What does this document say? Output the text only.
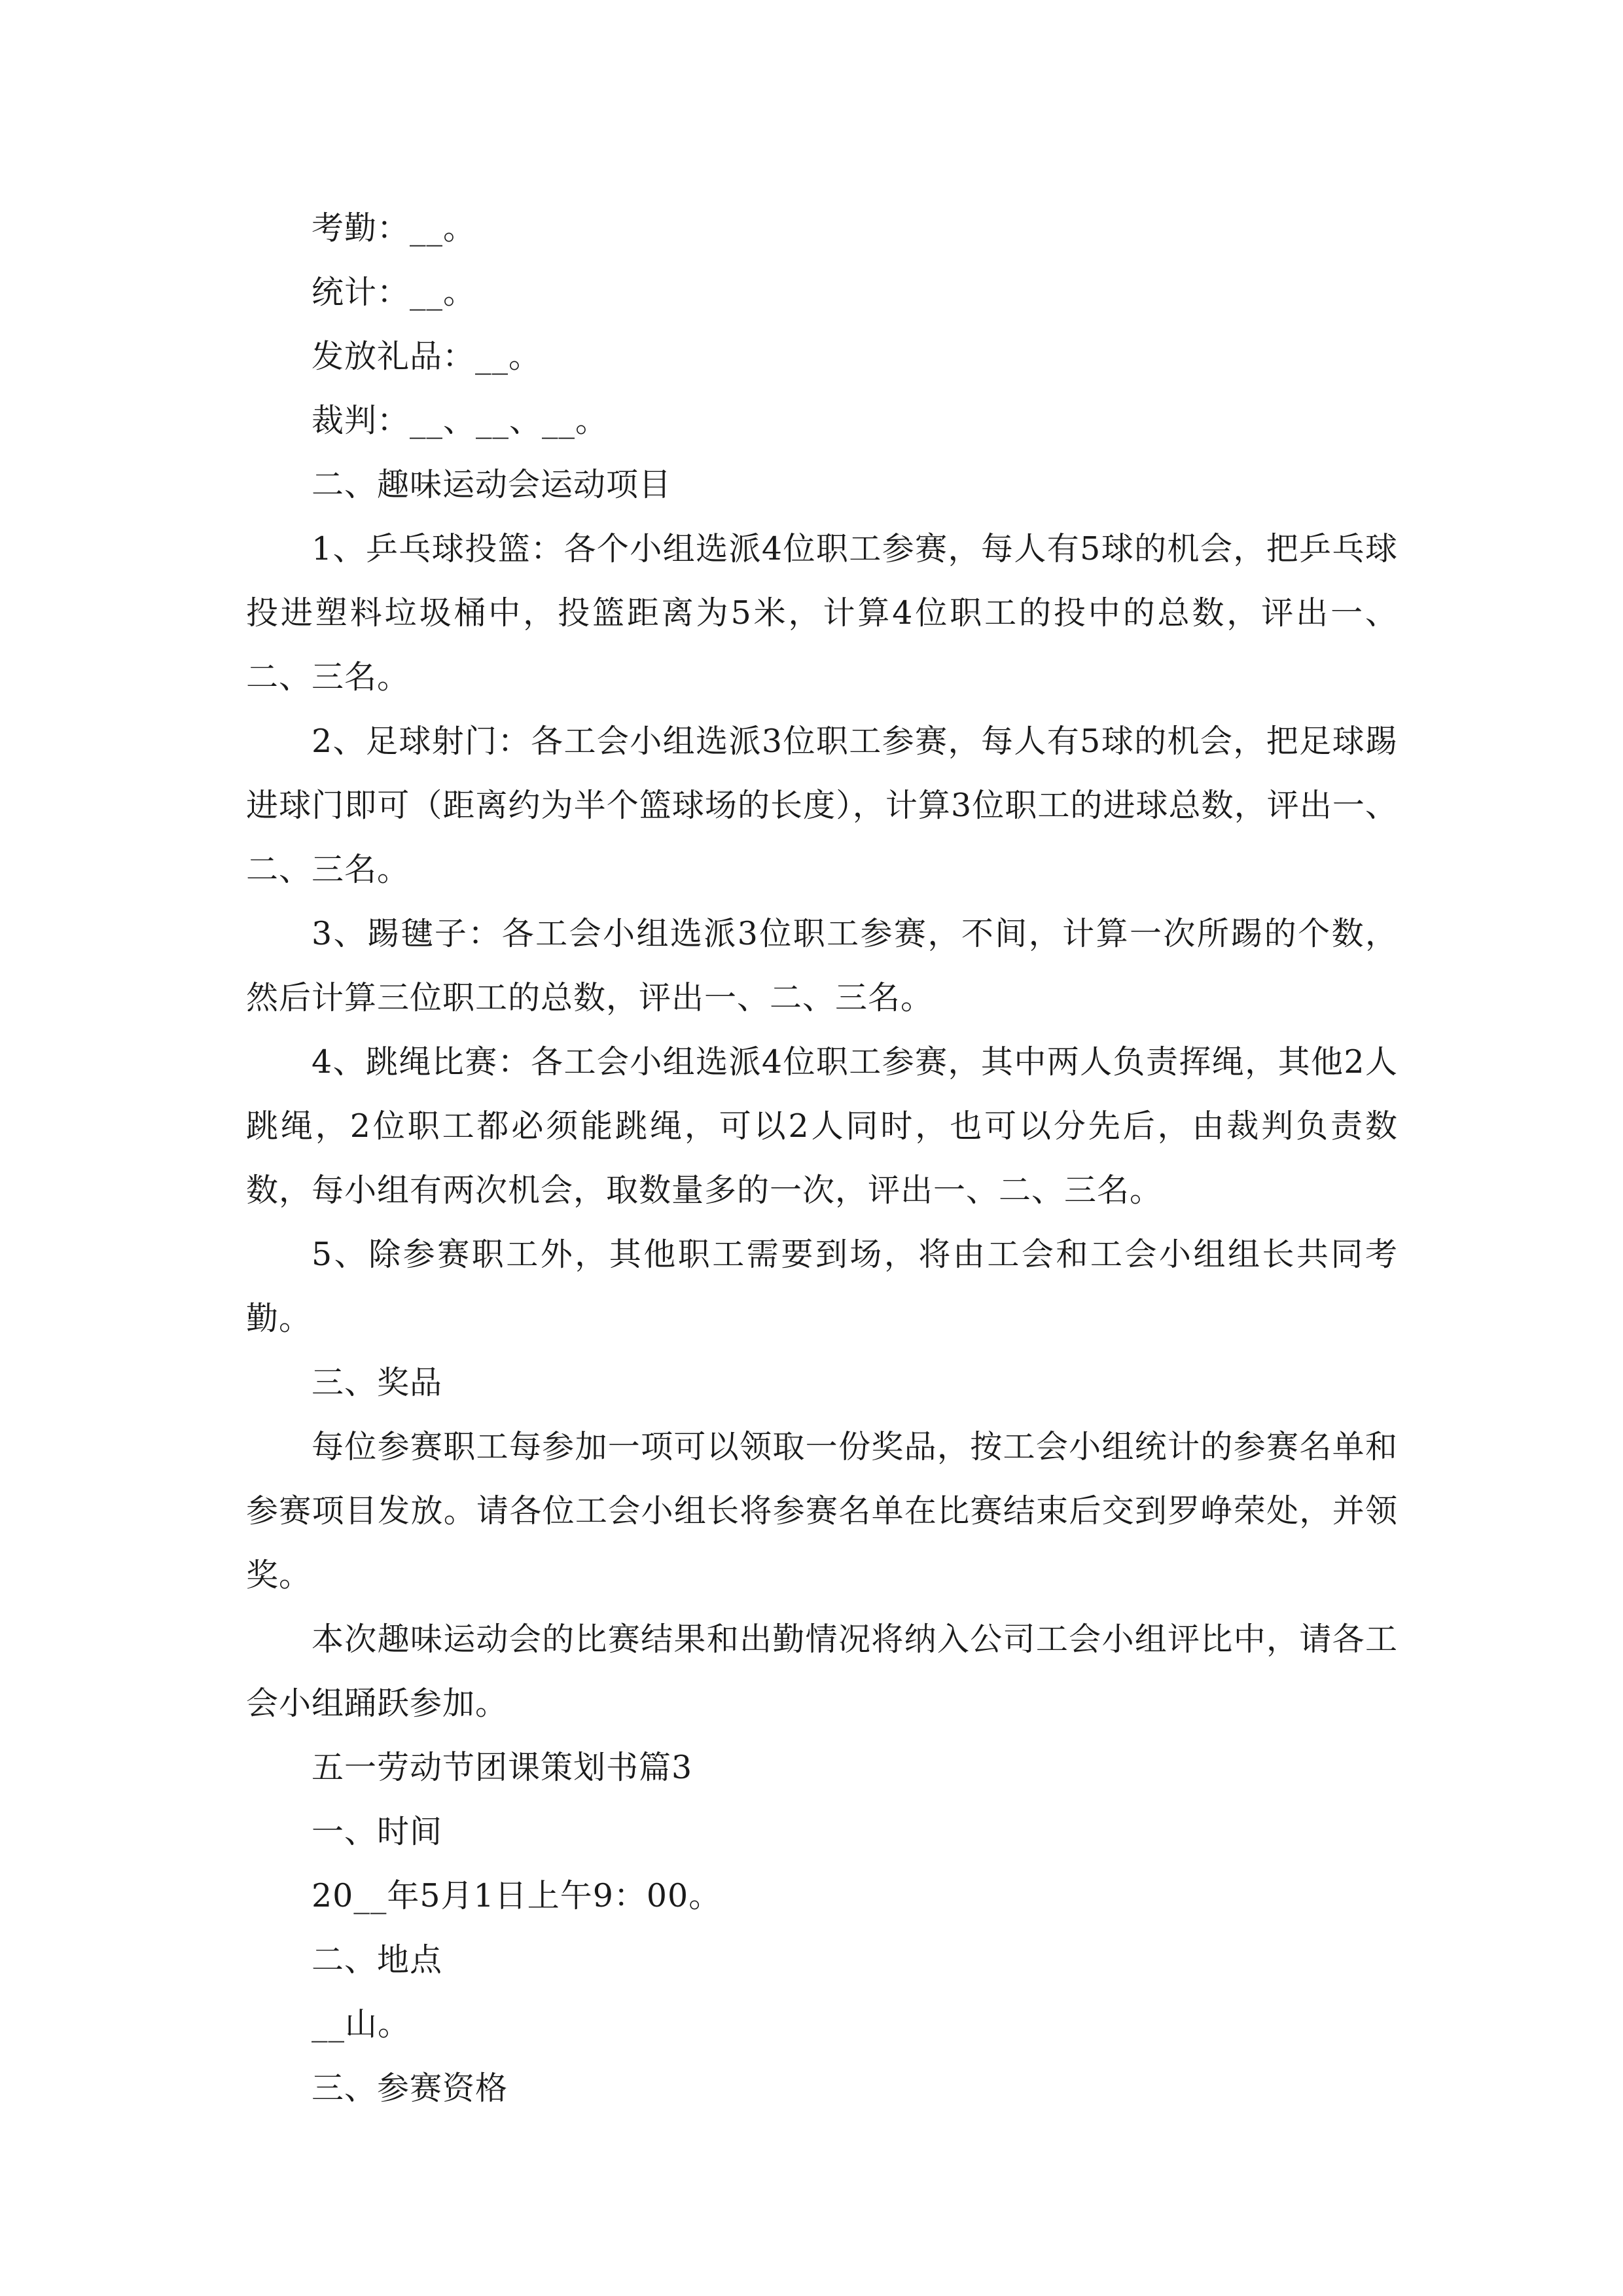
考勤：__。

统计：__。

发放礼品：__。

裁判：__、__、__。

二、趣味运动会运动项目

1、乒乓球投篮：各个小组选派4位职工参赛，每人有5球的机会，把乒乓球投进塑料垃圾桶中，投篮距离为5米，计算4位职工的投中的总数，评出一、二、三名。

2、足球射门：各工会小组选派3位职工参赛，每人有5球的机会，把足球踢进球门即可（距离约为半个篮球场的长度），计算3位职工的进球总数，评出一、二、三名。

3、踢毽子：各工会小组选派3位职工参赛，不间，计算一次所踢的个数，然后计算三位职工的总数，评出一、二、三名。

4、跳绳比赛：各工会小组选派4位职工参赛，其中两人负责挥绳，其他2人跳绳，2位职工都必须能跳绳，可以2人同时，也可以分先后，由裁判负责数数，每小组有两次机会，取数量多的一次，评出一、二、三名。

5、除参赛职工外，其他职工需要到场，将由工会和工会小组组长共同考勤。

三、奖品

每位参赛职工每参加一项可以领取一份奖品，按工会小组统计的参赛名单和参赛项目发放。请各位工会小组长将参赛名单在比赛结束后交到罗峥荣处，并领奖。

本次趣味运动会的比赛结果和出勤情况将纳入公司工会小组评比中，请各工会小组踊跃参加。

五一劳动节团课策划书篇3

一、时间

20__年5月1日上午9：00。

二、地点

__山。

三、参赛资格
